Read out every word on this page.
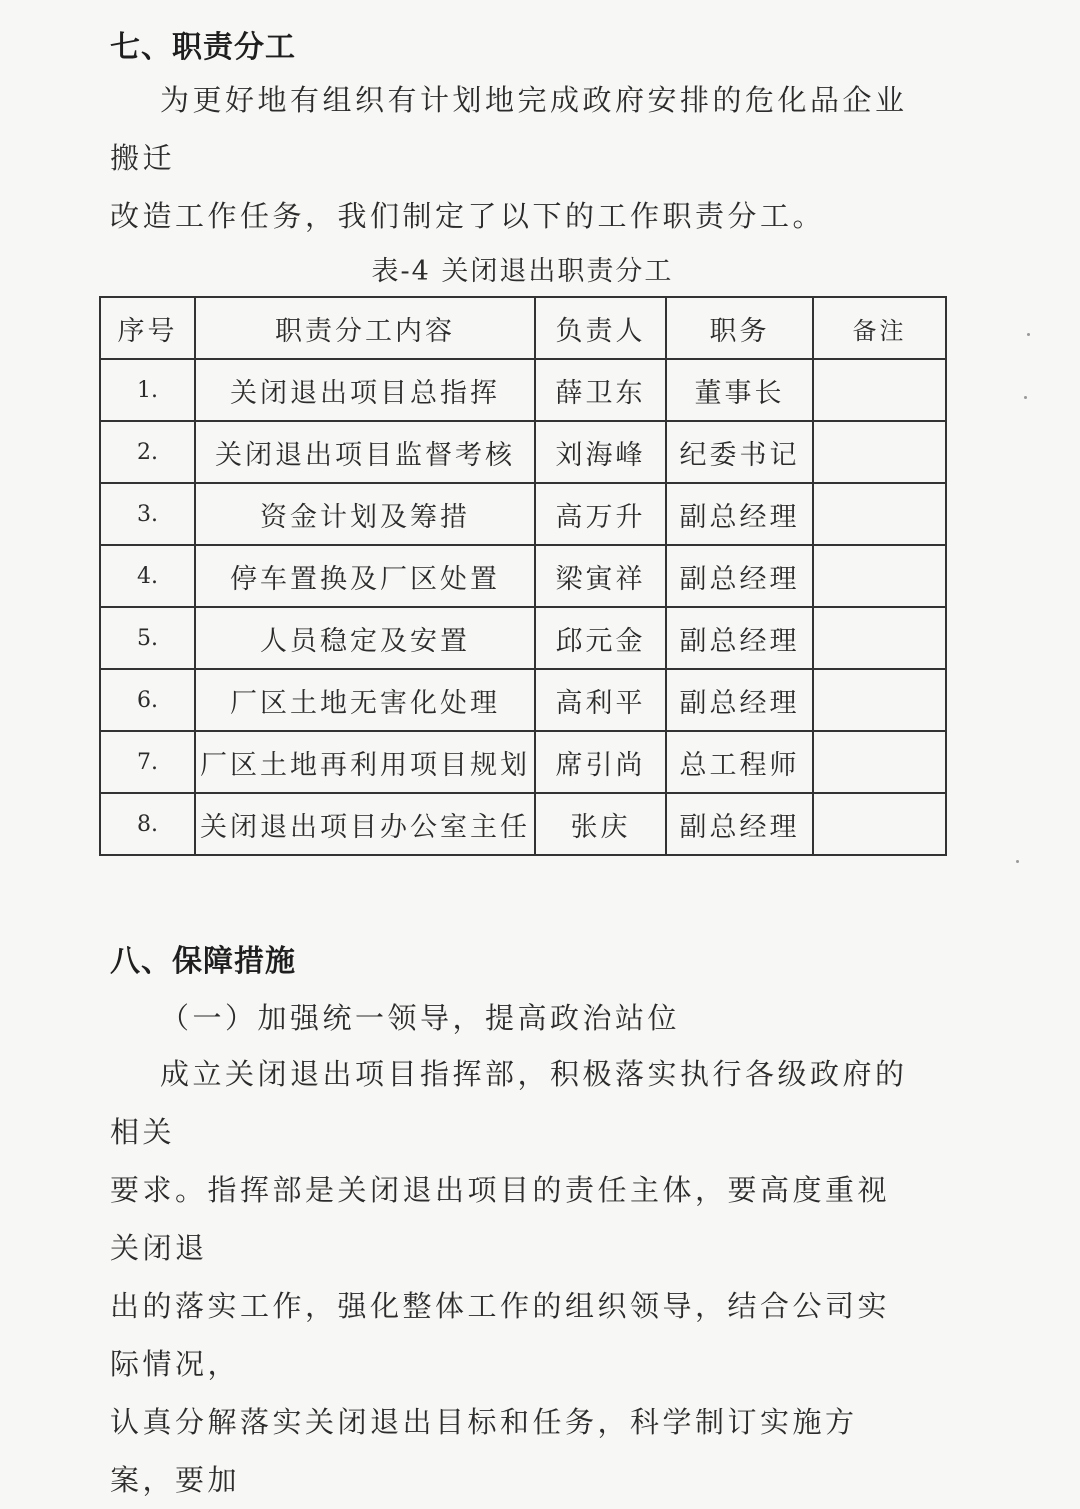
七、职责分工
为更好地有组织有计划地完成政府安排的危化品企业搬迁
改造工作任务，我们制定了以下的工作职责分工。
表-4 关闭退出职责分工
序号	职责分工内容	负责人	职务	备注
1.	关闭退出项目总指挥	薛卫东	董事长	
2.	关闭退出项目监督考核	刘海峰	纪委书记	
3.	资金计划及筹措	高万升	副总经理	
4.	停车置换及厂区处置	梁寅祥	副总经理	
5.	人员稳定及安置	邱元金	副总经理	
6.	厂区土地无害化处理	高利平	副总经理	
7.	厂区土地再利用项目规划	席引尚	总工程师	
8.	关闭退出项目办公室主任	张庆	副总经理	
八、保障措施
（一）加强统一领导，提高政治站位
成立关闭退出项目指挥部，积极落实执行各级政府的相关
要求。指挥部是关闭退出项目的责任主体，要高度重视关闭退
出的落实工作，强化整体工作的组织领导，结合公司实际情况，
认真分解落实关闭退出目标和任务，科学制订实施方案，要加
